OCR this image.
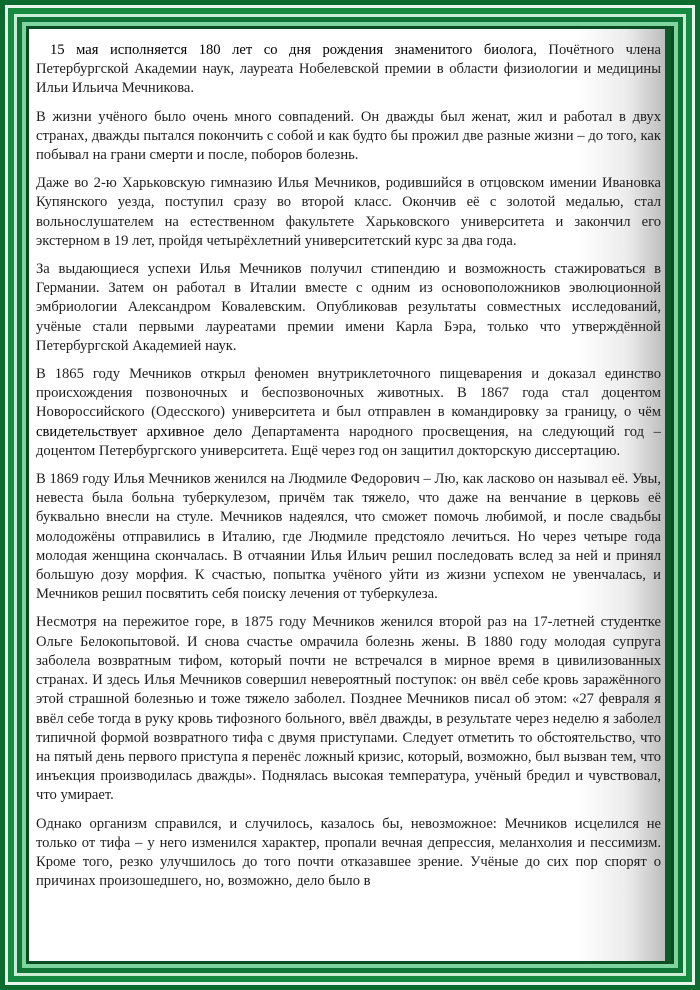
15 мая исполняется 180 лет со дня рождения знаменитого биолога, Почётного члена Петербургской Академии наук, лауреата Нобелевской премии в области физиологии и медицины Ильи Ильича Мечникова.

В жизни учёного было очень много совпадений. Он дважды был женат, жил и работал в двух странах, дважды пытался покончить с собой и как будто бы прожил две разные жизни – до того, как побывал на грани смерти и после, поборов болезнь.

Даже во 2-ю Харьковскую гимназию Илья Мечников, родившийся в отцовском имении Ивановка Купянского уезда, поступил сразу во второй класс. Окончив её с золотой медалью, стал вольнослушателем на естественном факультете Харьковского университета и закончил его экстерном в 19 лет, пройдя четырёхлетний университетский курс за два года.

За выдающиеся успехи Илья Мечников получил стипендию и возможность стажироваться в Германии. Затем он работал в Италии вместе с одним из основоположников эволюционной эмбриологии Александром Ковалевским. Опубликовав результаты совместных исследований, учёные стали первыми лауреатами премии имени Карла Бэра, только что утверждённой Петербургской Академией наук.

В 1865 году Мечников открыл феномен внутриклеточного пищеварения и доказал единство происхождения позвоночных и беспозвоночных животных. В 1867 года стал доцентом Новороссийского (Одесского) университета и был отправлен в командировку за границу, о чём свидетельствует архивное дело Департамента народного просвещения, на следующий год – доцентом Петербургского университета. Ещё через год он защитил докторскую диссертацию.

В 1869 году Илья Мечников женился на Людмиле Федорович – Лю, как ласково он называл её. Увы, невеста была больна туберкулезом, причём так тяжело, что даже на венчание в церковь её буквально внесли на стуле. Мечников надеялся, что сможет помочь любимой, и после свадьбы молодожёны отправились в Италию, где Людмиле предстояло лечиться. Но через четыре года молодая женщина скончалась. В отчаянии Илья Ильич решил последовать вслед за ней и принял большую дозу морфия. К счастью, попытка учёного уйти из жизни успехом не увенчалась, и Мечников решил посвятить себя поиску лечения от туберкулеза.

Несмотря на пережитое горе, в 1875 году Мечников женился второй раз на 17-летней студентке Ольге Белокопытовой. И снова счастье омрачила болезнь жены. В 1880 году молодая супруга заболела возвратным тифом, который почти не встречался в мирное время в цивилизованных странах. И здесь Илья Мечников совершил невероятный поступок: он ввёл себе кровь заражённого этой страшной болезнью и тоже тяжело заболел. Позднее Мечников писал об этом: «27 февраля я ввёл себе тогда в руку кровь тифозного больного, ввёл дважды, в результате через неделю я заболел типичной формой возвратного тифа с двумя приступами. Следует отметить то обстоятельство, что на пятый день первого приступа я перенёс ложный кризис, который, возможно, был вызван тем, что инъекция производилась дважды». Поднялась высокая температура, учёный бредил и чувствовал, что умирает.

Однако организм справился, и случилось, казалось бы, невозможное: Мечников исцелился не только от тифа – у него изменился характер, пропали вечная депрессия, меланхолия и пессимизм. Кроме того, резко улучшилось до того почти отказавшее зрение. Учёные до сих пор спорят о причинах произошедшего, но, возможно, дело было в
